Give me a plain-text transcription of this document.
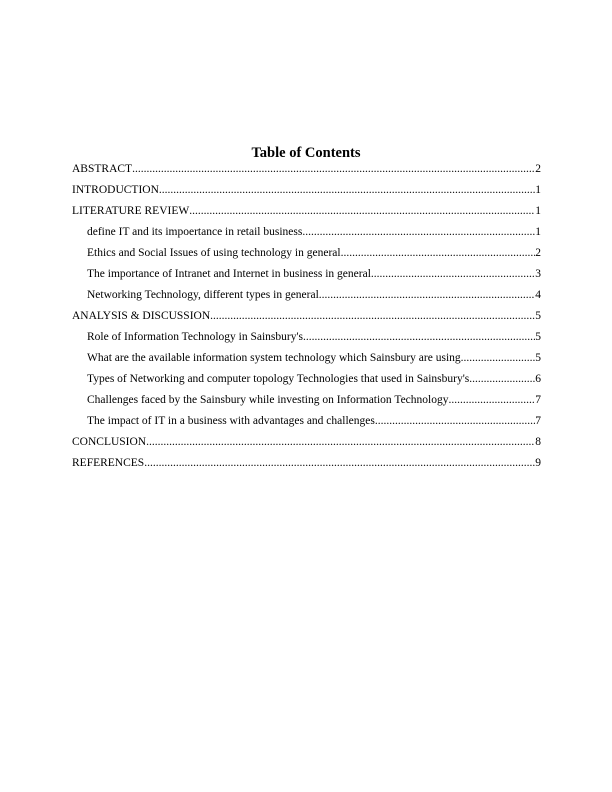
Table of Contents
ABSTRACT .....	2
INTRODUCTION .....	1
LITERATURE REVIEW .....	1
define IT and its impoertance in retail business .....	1
Ethics and Social Issues of using technology in general .....	2
The importance of Intranet and Internet in business in general .....	3
Networking Technology, different types in general .....	4
ANALYSIS & DISCUSSION .....	5
Role of Information Technology in Sainsbury's .....	5
What are the available information system technology which Sainsbury are using .....	5
Types of Networking and computer topology Technologies that used in Sainsbury's .....	6
Challenges faced by the Sainsbury while investing on Information Technology .....	7
The impact of IT in a business with advantages and challenges .....	7
CONCLUSION .....	8
REFERENCES .....	9
